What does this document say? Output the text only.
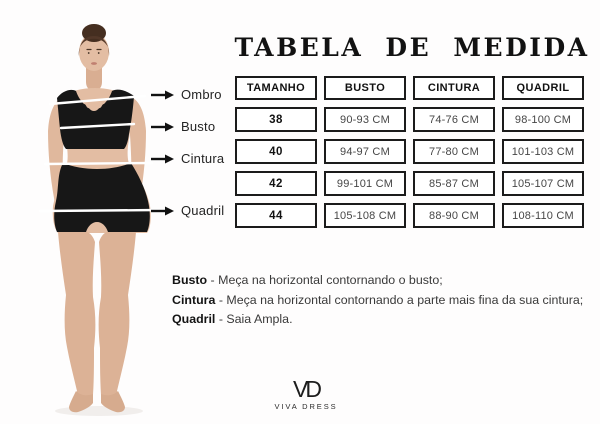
Ombro
Busto
Cintura
Quadril
TABELA DE MEDIDA
TAMANHO	BUSTO	CINTURA	QUADRIL
38	90-93 CM	74-76 CM	98-100 CM
40	94-97 CM	77-80 CM	101-103 CM
42	99-101 CM	85-87 CM	105-107 CM
44	105-108 CM	88-90 CM	108-110 CM
Busto - Meça na horizontal contornando o busto;
Cintura - Meça na horizontal contornando a parte mais fina da sua cintura;
Quadril - Saia Ampla.
VD
VIVA DRESS
